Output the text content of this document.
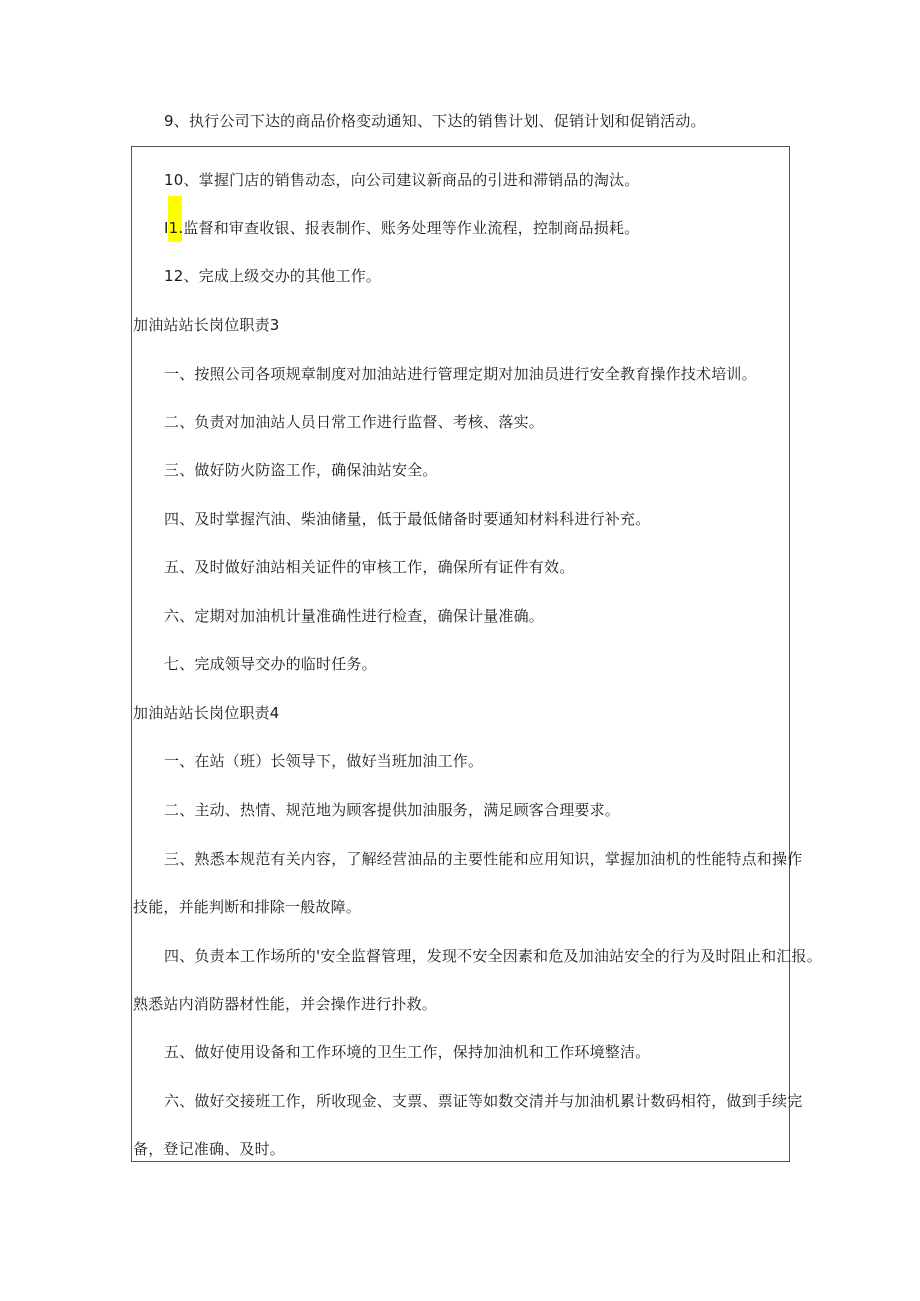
9、执行公司下达的商品价格变动通知、下达的销售计划、促销计划和促销活动。
10、掌握门店的销售动态，向公司建议新商品的引进和滞销品的淘汰。
I1.监督和审查收银、报表制作、账务处理等作业流程，控制商品损耗。
12、完成上级交办的其他工作。
加油站站长岗位职责3
一、按照公司各项规章制度对加油站进行管理定期对加油员进行安全教育操作技术培训。
二、负责对加油站人员日常工作进行监督、考核、落实。
三、做好防火防盗工作，确保油站安全。
四、及时掌握汽油、柴油储量，低于最低储备时要通知材料科进行补充。
五、及时做好油站相关证件的审核工作，确保所有证件有效。
六、定期对加油机计量准确性进行检查，确保计量准确。
七、完成领导交办的临时任务。
加油站站长岗位职责4
一、在站（班）长领导下，做好当班加油工作。
二、主动、热情、规范地为顾客提供加油服务，满足顾客合理要求。
三、熟悉本规范有关内容，了解经营油品的主要性能和应用知识，掌握加油机的性能特点和操作
技能，并能判断和排除一般故障。
四、负责本工作场所的'安全监督管理，发现不安全因素和危及加油站安全的行为及时阻止和汇报。
熟悉站内消防器材性能，并会操作进行扑救。
五、做好使用设备和工作环境的卫生工作，保持加油机和工作环境整洁。
六、做好交接班工作，所收现金、支票、票证等如数交清并与加油机累计数码相符，做到手续完
备，登记准确、及时。
